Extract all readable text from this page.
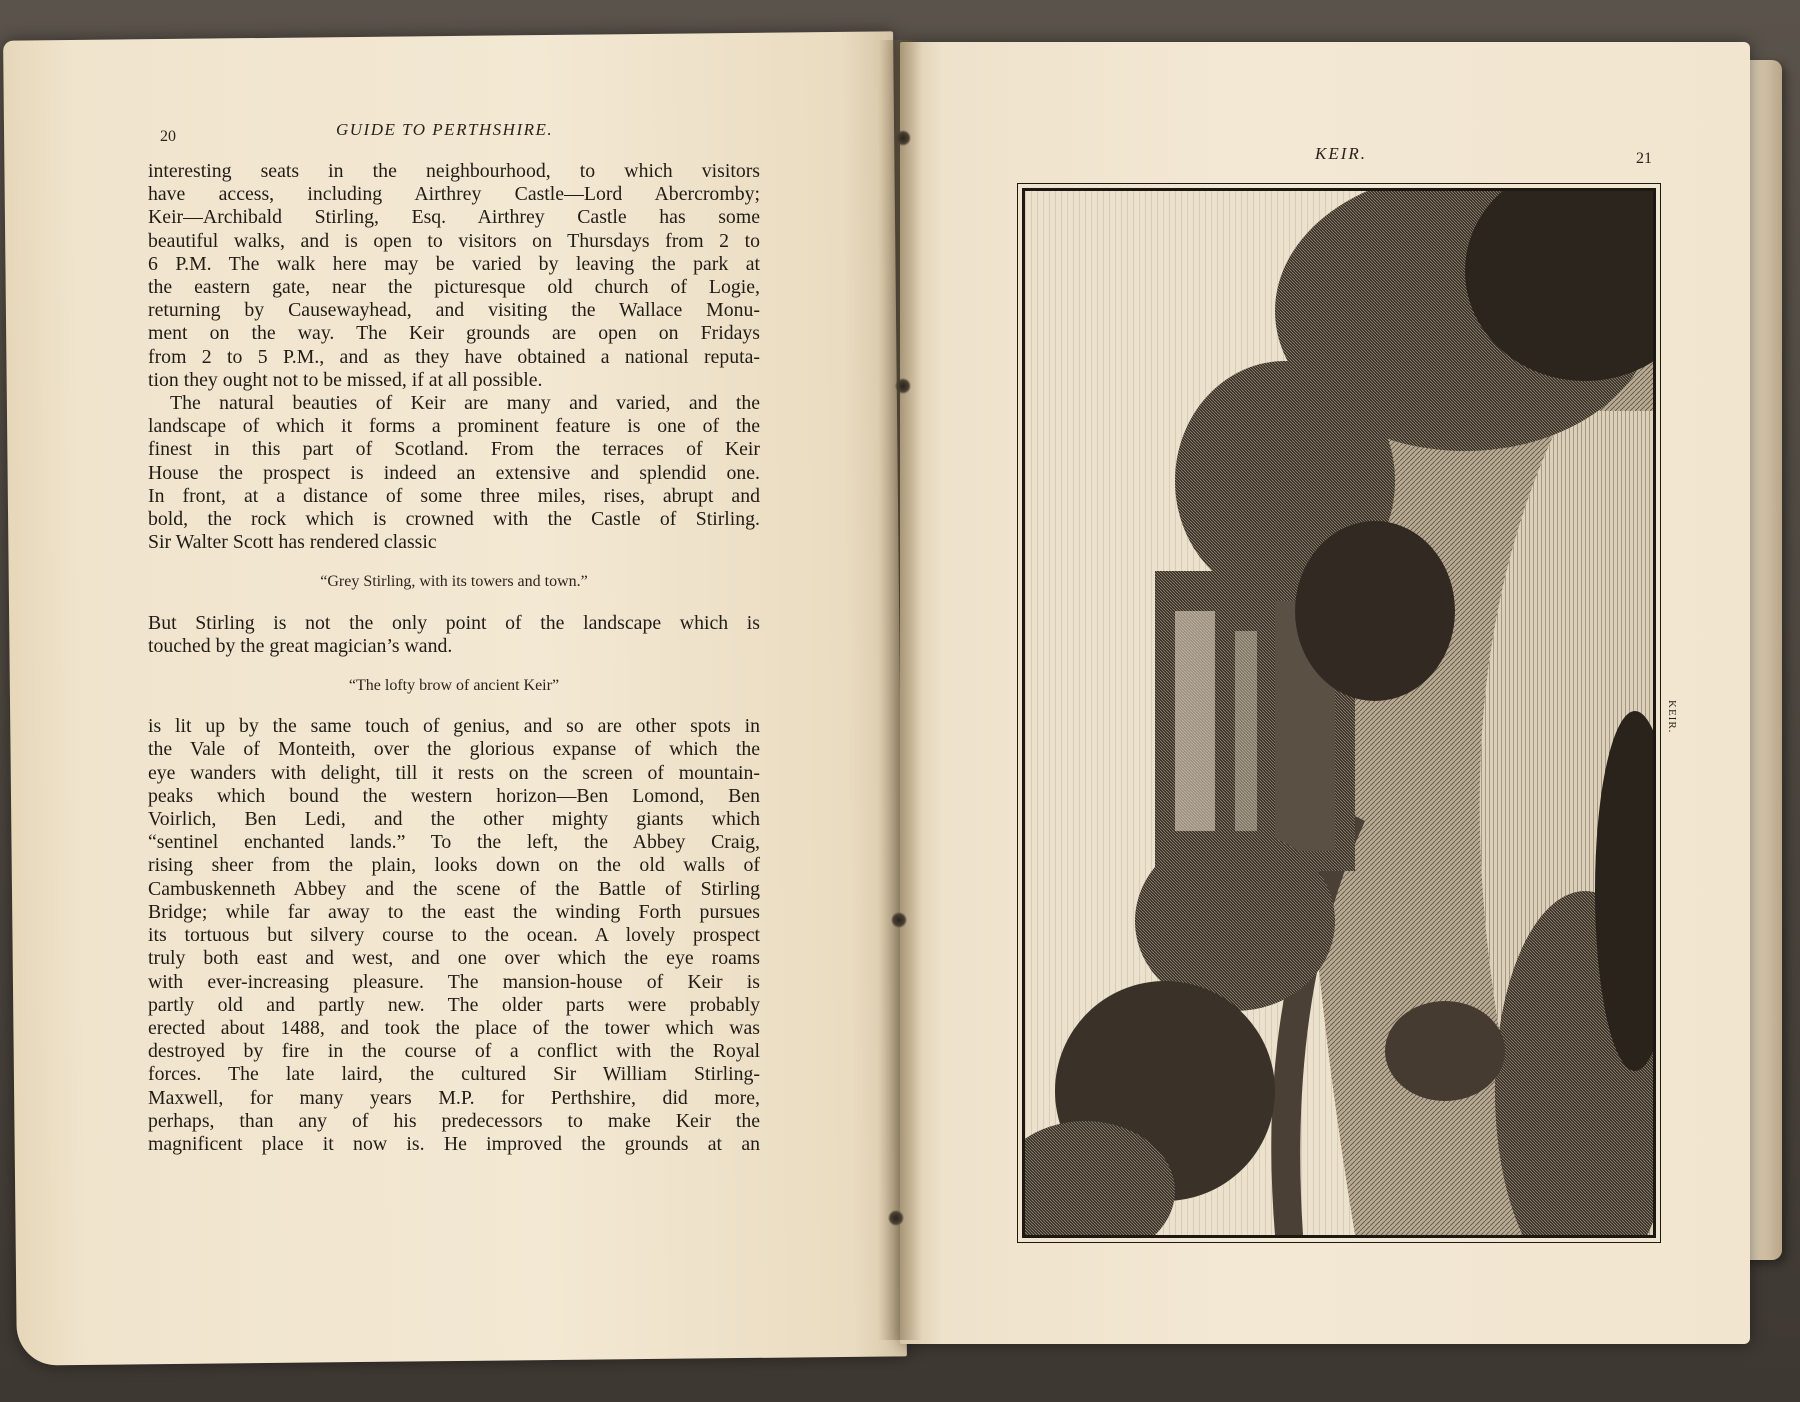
20	GUIDE TO PERTHSHIRE.

interesting seats in the neighbourhood, to which visitors

have access, including Airthrey Castle—Lord Abercromby;

Keir—Archibald Stirling, Esq. Airthrey Castle has some

beautiful walks, and is open to visitors on Thursdays from 2 to

6 P.M. The walk here may be varied by leaving the park at

the eastern gate, near the picturesque old church of Logie,

returning by Causewayhead, and visiting the Wallace Monu-

ment on the way. The Keir grounds are open on Fridays

from 2 to 5 P.M., and as they have obtained a national reputa-

tion they ought not to be missed, if at all possible.

The natural beauties of Keir are many and varied, and the

landscape of which it forms a prominent feature is one of the

finest in this part of Scotland. From the terraces of Keir

House the prospect is indeed an extensive and splendid one.

In front, at a distance of some three miles, rises, abrupt and

bold, the rock which is crowned with the Castle of Stirling.

Sir Walter Scott has rendered classic

“Grey Stirling, with its towers and town.”

But Stirling is not the only point of the landscape which is

touched by the great magician’s wand.

“The lofty brow of ancient Keir”

is lit up by the same touch of genius, and so are other spots in

the Vale of Monteith, over the glorious expanse of which the

eye wanders with delight, till it rests on the screen of mountain-

peaks which bound the western horizon—Ben Lomond, Ben

Voirlich, Ben Ledi, and the other mighty giants which

“sentinel enchanted lands.” To the left, the Abbey Craig,

rising sheer from the plain, looks down on the old walls of

Cambuskenneth Abbey and the scene of the Battle of Stirling

Bridge; while far away to the east the winding Forth pursues

its tortuous but silvery course to the ocean. A lovely prospect

truly both east and west, and one over which the eye roams

with ever-increasing pleasure. The mansion-house of Keir is

partly old and partly new. The older parts were probably

erected about 1488, and took the place of the tower which was

destroyed by fire in the course of a conflict with the Royal

forces. The late laird, the cultured Sir William Stirling-

Maxwell, for many years M.P. for Perthshire, did more,

perhaps, than any of his predecessors to make Keir the

magnificent place it now is. He improved the grounds at an

KEIR.	21
KEIR.
